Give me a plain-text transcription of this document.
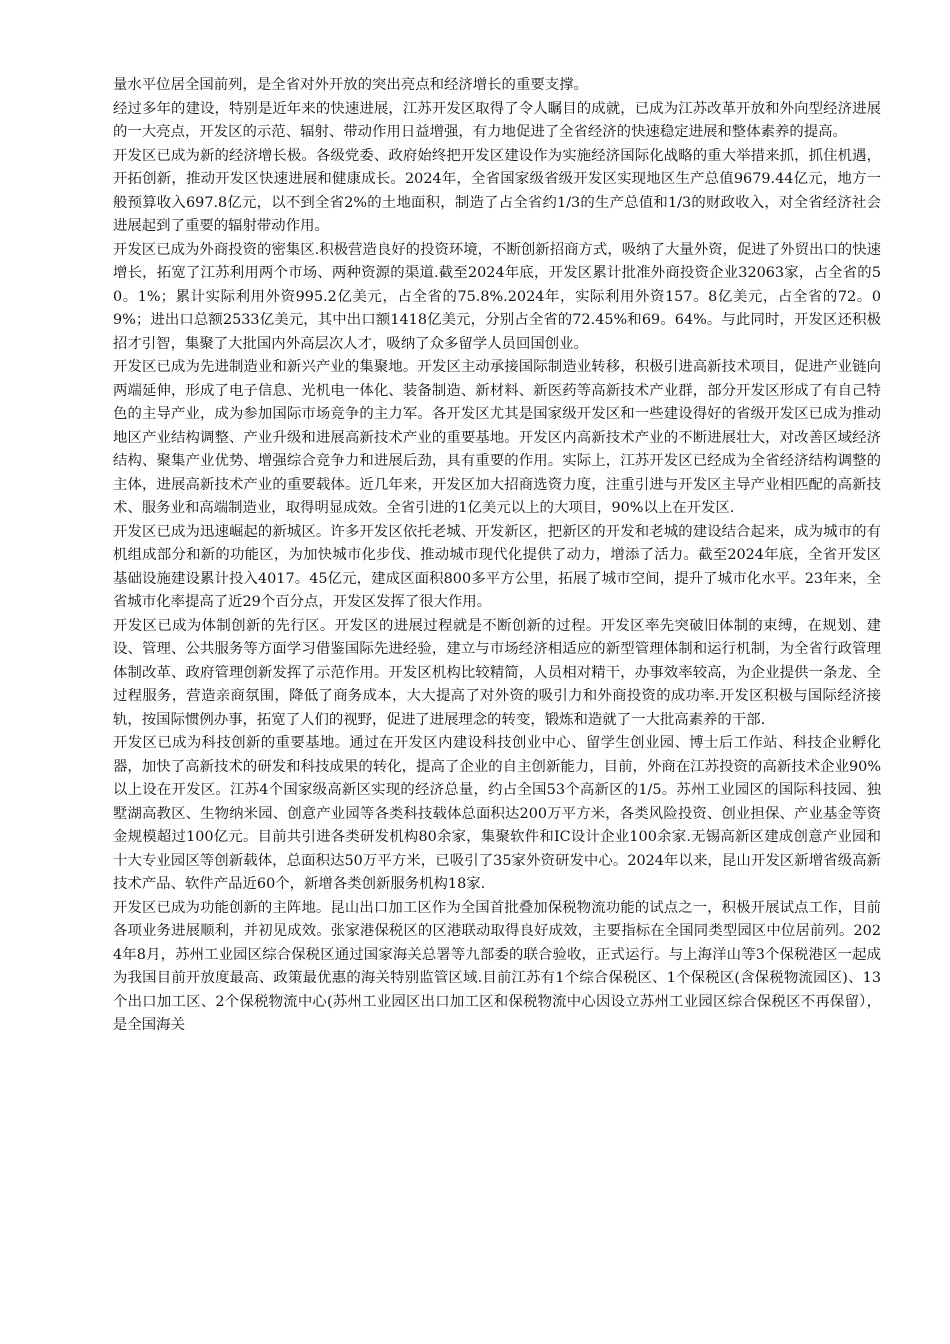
量水平位居全国前列，是全省对外开放的突出亮点和经济增长的重要支撑。

经过多年的建设，特别是近年来的快速进展，江苏开发区取得了令人瞩目的成就，已成为江苏改革开放和外向型经济进展的一大亮点，开发区的示范、辐射、带动作用日益增强，有力地促进了全省经济的快速稳定进展和整体素养的提高。

开发区已成为新的经济增长极。各级党委、政府始终把开发区建设作为实施经济国际化战略的重大举措来抓，抓住机遇，开拓创新，推动开发区快速进展和健康成长。2024年，全省国家级省级开发区实现地区生产总值9679.44亿元，地方一般预算收入697.8亿元，以不到全省2%的土地面积，制造了占全省约1/3的生产总值和1/3的财政收入，对全省经济社会进展起到了重要的辐射带动作用。

开发区已成为外商投资的密集区.积极营造良好的投资环境，不断创新招商方式，吸纳了大量外资，促进了外贸出口的快速增长，拓宽了江苏利用两个市场、两种资源的渠道.截至2024年底，开发区累计批准外商投资企业32063家，占全省的50。1%；累计实际利用外资995.2亿美元，占全省的75.8%.2024年，实际利用外资157。8亿美元，占全省的72。09%；进出口总额2533亿美元，其中出口额1418亿美元，分别占全省的72.45%和69。64%。与此同时，开发区还积极招才引智，集聚了大批国内外高层次人才，吸纳了众多留学人员回国创业。

开发区已成为先进制造业和新兴产业的集聚地。开发区主动承接国际制造业转移，积极引进高新技术项目，促进产业链向两端延伸，形成了电子信息、光机电一体化、装备制造、新材料、新医药等高新技术产业群，部分开发区形成了有自己特色的主导产业，成为参加国际市场竞争的主力军。各开发区尤其是国家级开发区和一些建设得好的省级开发区已成为推动地区产业结构调整、产业升级和进展高新技术产业的重要基地。开发区内高新技术产业的不断进展壮大，对改善区域经济结构、聚集产业优势、增强综合竞争力和进展后劲，具有重要的作用。实际上，江苏开发区已经成为全省经济结构调整的主体，进展高新技术产业的重要载体。近几年来，开发区加大招商选资力度，注重引进与开发区主导产业相匹配的高新技术、服务业和高端制造业，取得明显成效。全省引进的1亿美元以上的大项目，90%以上在开发区.

开发区已成为迅速崛起的新城区。许多开发区依托老城、开发新区，把新区的开发和老城的建设结合起来，成为城市的有机组成部分和新的功能区，为加快城市化步伐、推动城市现代化提供了动力，增添了活力。截至2024年底，全省开发区基础设施建设累计投入4017。45亿元，建成区面积800多平方公里，拓展了城市空间，提升了城市化水平。23年来，全省城市化率提高了近29个百分点，开发区发挥了很大作用。

开发区已成为体制创新的先行区。开发区的进展过程就是不断创新的过程。开发区率先突破旧体制的束缚，在规划、建设、管理、公共服务等方面学习借鉴国际先进经验，建立与市场经济相适应的新型管理体制和运行机制，为全省行政管理体制改革、政府管理创新发挥了示范作用。开发区机构比较精简，人员相对精干，办事效率较高，为企业提供一条龙、全过程服务，营造亲商氛围，降低了商务成本，大大提高了对外资的吸引力和外商投资的成功率.开发区积极与国际经济接轨，按国际惯例办事，拓宽了人们的视野，促进了进展理念的转变，锻炼和造就了一大批高素养的干部.

开发区已成为科技创新的重要基地。通过在开发区内建设科技创业中心、留学生创业园、博士后工作站、科技企业孵化器，加快了高新技术的研发和科技成果的转化，提高了企业的自主创新能力，目前，外商在江苏投资的高新技术企业90%以上设在开发区。江苏4个国家级高新区实现的经济总量，约占全国53个高新区的1/5。苏州工业园区的国际科技园、独墅湖高教区、生物纳米园、创意产业园等各类科技载体总面积达200万平方米，各类风险投资、创业担保、产业基金等资金规模超过100亿元。目前共引进各类研发机构80余家，集聚软件和IC设计企业100余家.无锡高新区建成创意产业园和十大专业园区等创新载体，总面积达50万平方米，已吸引了35家外资研发中心。2024年以来，昆山开发区新增省级高新技术产品、软件产品近60个，新增各类创新服务机构18家.

开发区已成为功能创新的主阵地。昆山出口加工区作为全国首批叠加保税物流功能的试点之一，积极开展试点工作，目前各项业务进展顺利，并初见成效。张家港保税区的区港联动取得良好成效，主要指标在全国同类型园区中位居前列。2024年8月，苏州工业园区综合保税区通过国家海关总署等九部委的联合验收，正式运行。与上海洋山等3个保税港区一起成为我国目前开放度最高、政策最优惠的海关特别监管区域.目前江苏有1个综合保税区、1个保税区(含保税物流园区)、13个出口加工区、2个保税物流中心(苏州工业园区出口加工区和保税物流中心因设立苏州工业园区综合保税区不再保留），是全国海关
